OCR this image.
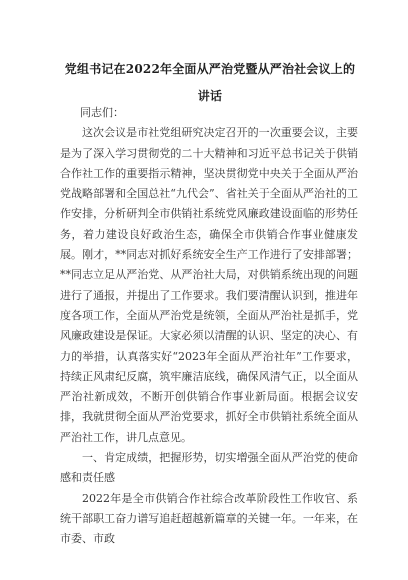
党组书记在2022年全面从严治党暨从严治社会议上的讲话

同志们：

这次会议是市社党组研究决定召开的一次重要会议，主要是为了深入学习贯彻党的二十大精神和习近平总书记关于供销合作社工作的重要指示精神，坚决贯彻党中央关于全面从严治党战略部署和全国总社“九代会”、省社关于全面从严治社的工作安排，分析研判全市供销社系统党风廉政建设面临的形势任务，着力建设良好政治生态，确保全市供销合作事业健康发展。刚才，**同志对抓好系统安全生产工作进行了安排部署；**同志立足从严治党、从严治社大局，对供销系统出现的问题进行了通报，并提出了工作要求。我们要清醒认识到，推进年度各项工作，全面从严治党是统领，全面从严治社是抓手，党风廉政建设是保证。大家必须以清醒的认识、坚定的决心、有力的举措，认真落实好“2023年全面从严治社年”工作要求，持续正风肃纪反腐，筑牢廉洁底线，确保风清气正，以全面从严治社新成效，不断开创供销合作事业新局面。根据会议安排，我就贯彻全面从严治党要求，抓好全市供销社系统全面从严治社工作，讲几点意见。

一、肯定成绩，把握形势，切实增强全面从严治党的使命感和责任感

2022年是全市供销合作社综合改革阶段性工作收官、系统干部职工奋力谱写追赶超越新篇章的关键一年。一年来，在市委、市政
